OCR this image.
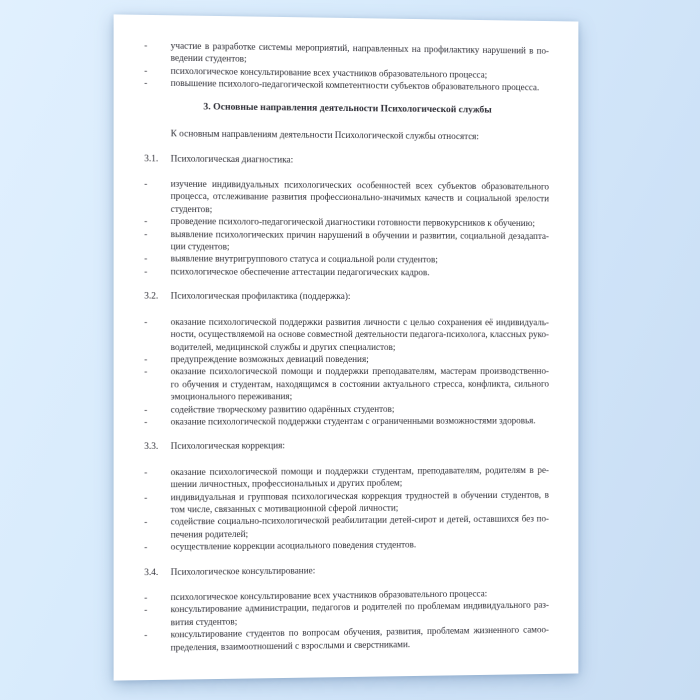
-	участие в разработке системы мероприятий, направленных на профилактику нарушений в по-
ведении студентов;
-	психологическое консультирование всех участников образовательного процесса;
-	повышение психолого-педагогической компетентности субъектов образовательного процесса.
3. Основные направления деятельности Психологической службы

К основным направлениям деятельности Психологической службы относятся:

3.1.	Психологическая диагностика:
-	изучение индивидуальных психологических особенностей всех субъектов образовательного
процесса, отслеживание развития профессионально-значимых качеств и социальной зрелости
студентов;
-	проведение психолого-педагогической диагностики готовности первокурсников к обучению;
-	выявление психологических причин нарушений в обучении и развитии, социальной дезадапта-
ции студентов;
-	выявление внутригруппового статуса и социальной роли студентов;
-	психологическое обеспечение аттестации педагогических кадров.
3.2.	Психологическая профилактика (поддержка):
-	оказание психологической поддержки развития личности с целью сохранения её индивидуаль-
ности, осуществляемой на основе совместной деятельности педагога-психолога, классных руко-
водителей, медицинской службы и других специалистов;
-	предупреждение возможных девиаций поведения;
-	оказание психологической помощи и поддержки преподавателям, мастерам производственно-
го обучения и студентам, находящимся в состоянии актуального стресса, конфликта, сильного
эмоционального переживания;
-	содействие творческому развитию одарённых студентов;
-	оказание психологической поддержки студентам с ограниченными возможностями здоровья.
3.3.	Психологическая коррекция:
-	оказание психологической помощи и поддержки студентам, преподавателям, родителям в ре-
шении личностных, профессиональных и других проблем;
-	индивидуальная и групповая психологическая коррекция трудностей в обучении студентов, в
том числе, связанных с мотивационной сферой личности;
-	содействие социально-психологической реабилитации детей-сирот и детей, оставшихся без по-
печения родителей;
-	осуществление коррекции асоциального поведения студентов.
3.4.	Психологическое консультирование:
-	психологическое консультирование всех участников образовательного процесса:
-	консультирование администрации, педагогов и родителей по проблемам индивидуального раз-
вития студентов;
-	консультирование студентов по вопросам обучения, развития, проблемам жизненного самоо-
пределения, взаимоотношений с взрослыми и сверстниками.
